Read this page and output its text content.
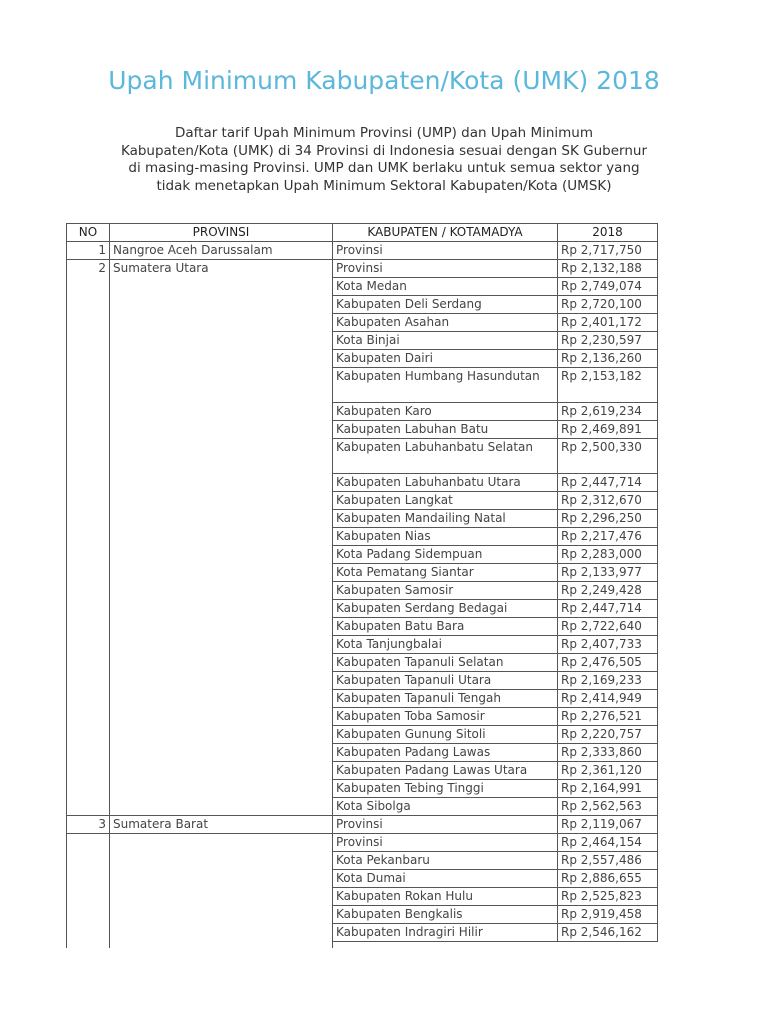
Upah Minimum Kabupaten/Kota (UMK) 2018
Daftar tarif Upah Minimum Provinsi (UMP) dan Upah Minimum
Kabupaten/Kota (UMK) di 34 Provinsi di Indonesia sesuai dengan SK Gubernur
di masing-masing Provinsi. UMP dan UMK berlaku untuk semua sektor yang
tidak menetapkan Upah Minimum Sektoral Kabupaten/Kota (UMSK)
NO	PROVINSI	KABUPATEN / KOTAMADYA	2018
1	Nangroe Aceh Darussalam	Provinsi	Rp 2,717,750
2	Sumatera Utara	Provinsi	Rp 2,132,188
		Kota Medan	Rp 2,749,074
		Kabupaten Deli Serdang	Rp 2,720,100
		Kabupaten Asahan	Rp 2,401,172
		Kota Binjai	Rp 2,230,597
		Kabupaten Dairi	Rp 2,136,260
		Kabupaten Humbang Hasundutan	Rp 2,153,182
		Kabupaten Karo	Rp 2,619,234
		Kabupaten Labuhan Batu	Rp 2,469,891
		Kabupaten Labuhanbatu Selatan	Rp 2,500,330
		Kabupaten Labuhanbatu Utara	Rp 2,447,714
		Kabupaten Langkat	Rp 2,312,670
		Kabupaten Mandailing Natal	Rp 2,296,250
		Kabupaten Nias	Rp 2,217,476
		Kota Padang Sidempuan	Rp 2,283,000
		Kota Pematang Siantar	Rp 2,133,977
		Kabupaten Samosir	Rp 2,249,428
		Kabupaten Serdang Bedagai	Rp 2,447,714
		Kabupaten Batu Bara	Rp 2,722,640
		Kota Tanjungbalai	Rp 2,407,733
		Kabupaten Tapanuli Selatan	Rp 2,476,505
		Kabupaten Tapanuli Utara	Rp 2,169,233
		Kabupaten Tapanuli Tengah	Rp 2,414,949
		Kabupaten Toba Samosir	Rp 2,276,521
		Kabupaten Gunung Sitoli	Rp 2,220,757
		Kabupaten Padang Lawas	Rp 2,333,860
		Kabupaten Padang Lawas Utara	Rp 2,361,120
		Kabupaten Tebing Tinggi	Rp 2,164,991
		Kota Sibolga	Rp 2,562,563
3	Sumatera Barat	Provinsi	Rp 2,119,067
		Provinsi	Rp 2,464,154
		Kota Pekanbaru	Rp 2,557,486
		Kota Dumai	Rp 2,886,655
		Kabupaten Rokan Hulu	Rp 2,525,823
		Kabupaten Bengkalis	Rp 2,919,458
		Kabupaten Indragiri Hilir	Rp 2,546,162
